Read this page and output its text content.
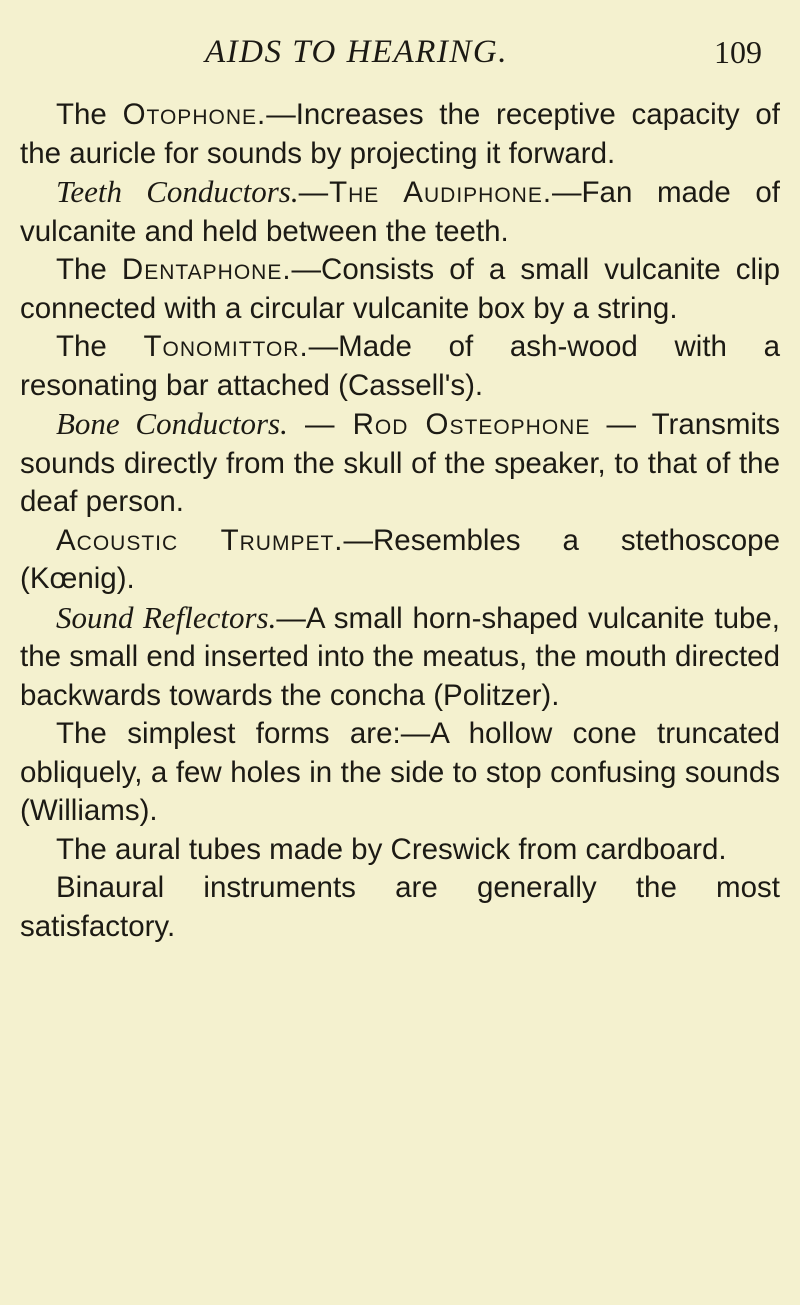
AIDS TO HEARING.	109

The Otophone.—Increases the receptive capacity of the auricle for sounds by projecting it forward.

Teeth Conductors.—The Audiphone.—Fan made of vulcanite and held between the teeth.

The Dentaphone.—Consists of a small vulcanite clip connected with a circular vulcanite box by a string.

The Tonomittor.—Made of ash-wood with a resonating bar attached (Cassell's).

Bone Conductors. — Rod Osteophone — Transmits sounds directly from the skull of the speaker, to that of the deaf person.

Acoustic Trumpet.—Resembles a stethoscope (Kœnig).

Sound Reflectors.—A small horn-shaped vulcanite tube, the small end inserted into the meatus, the mouth directed backwards towards the concha (Politzer).

The simplest forms are:—A hollow cone truncated obliquely, a few holes in the side to stop confusing sounds (Williams).

The aural tubes made by Creswick from cardboard.

Binaural instruments are generally the most satisfactory.
